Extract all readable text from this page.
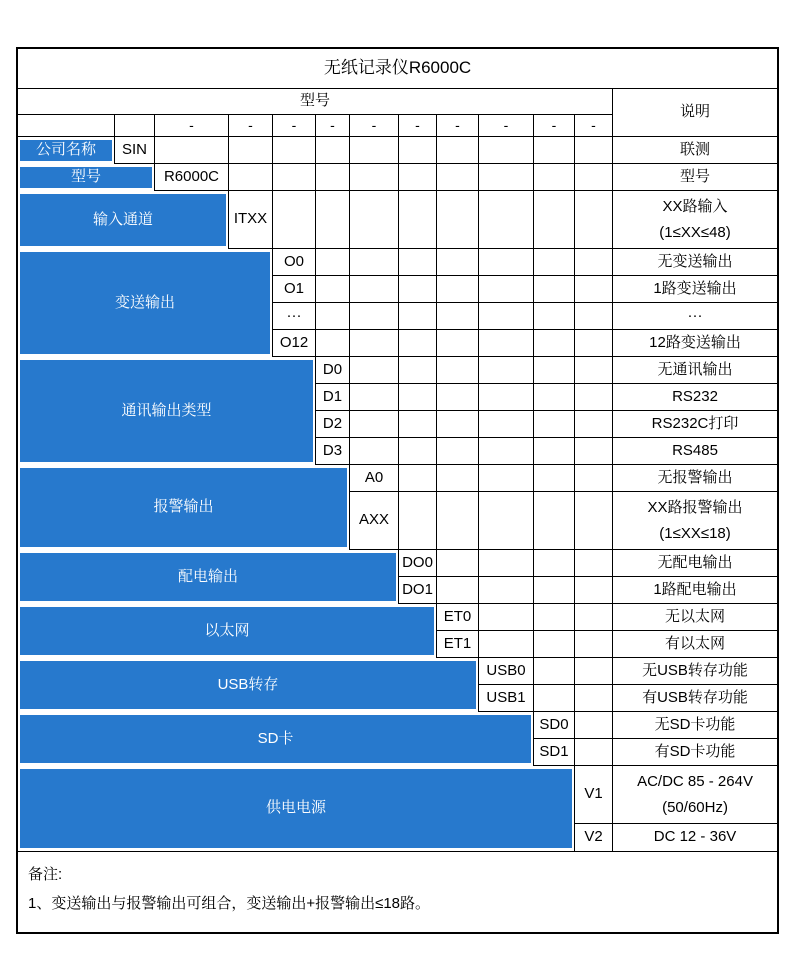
无纸记录仪R6000C												
型号												说明
		-	-	-	-	-	-	-	-	-	-	
公司名称	SIN											联测
型号		R6000C										型号
输入通道			ITXX									XX路输入
(1≤XX≤48)

变送输出				O0								无变送输出
				O1								1路变送输出
				···								···
				O12								12路变送输出
通讯输出类型					D0							无通讯输出
					D1							RS232
					D2							RS232C打印
					D3							RS485
报警输出						A0						无报警输出
						AXX						XX路报警输出
(1≤XX≤18)

配电输出							DO0					无配电输出
							DO1					1路配电输出
以太网								ET0				无以太网
								ET1				有以太网
USB转存									USB0			无USB转存功能
									USB1			有USB转存功能
SD卡										SD0		无SD卡功能
										SD1		有SD卡功能
供电电源											V1	AC/DC 85 - 264V
(50/60Hz)

											V2	DC 12 - 36V

备注:
1、变送输出与报警输出可组合，变送输出+报警输出≤18路。												
